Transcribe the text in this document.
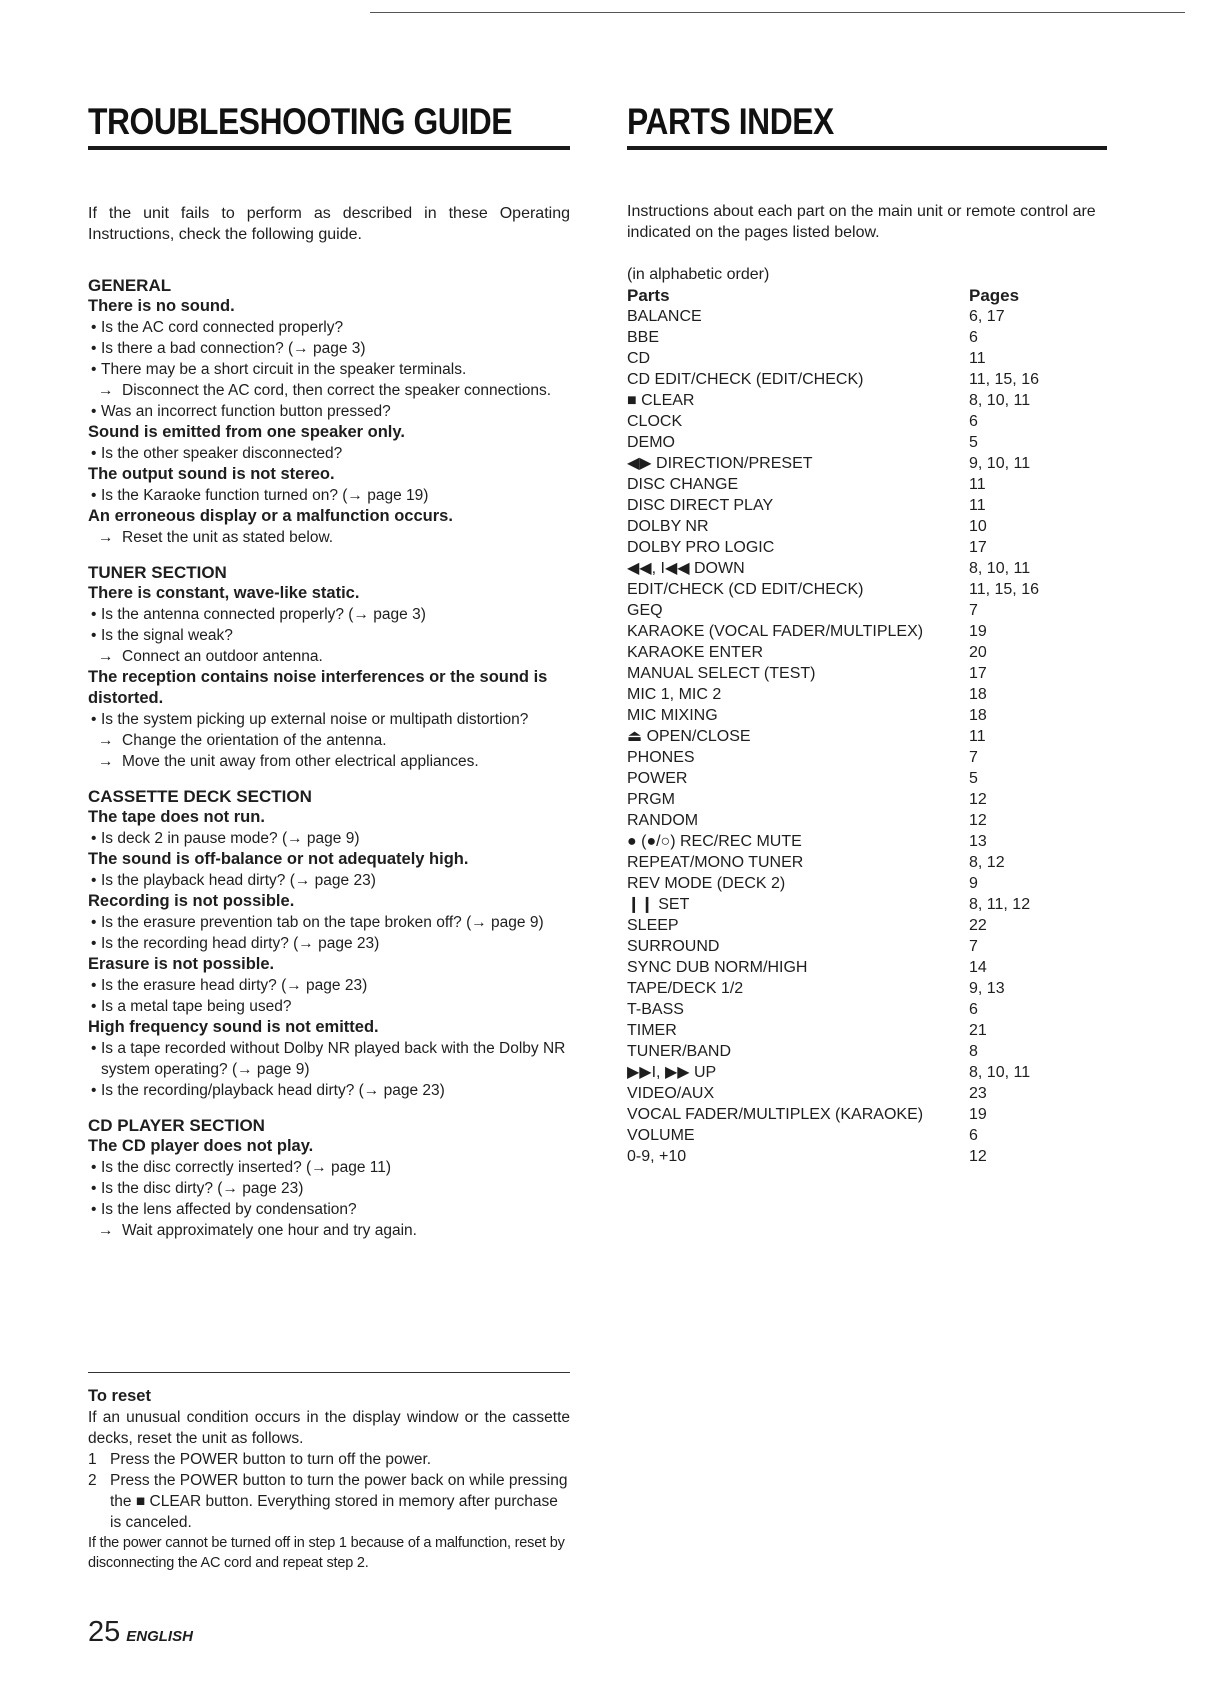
TROUBLESHOOTING GUIDE
If the unit fails to perform as described in these Operating Instructions, check the following guide.
GENERAL
There is no sound.
• Is the AC cord connected properly?
• Is there a bad connection? (→ page 3)
• There may be a short circuit in the speaker terminals.
→ Disconnect the AC cord, then correct the speaker connections.
• Was an incorrect function button pressed?
Sound is emitted from one speaker only.
• Is the other speaker disconnected?
The output sound is not stereo.
• Is the Karaoke function turned on? (→ page 19)
An erroneous display or a malfunction occurs.
→ Reset the unit as stated below.
TUNER SECTION
There is constant, wave-like static.
• Is the antenna connected properly? (→ page 3)
• Is the signal weak?
→ Connect an outdoor antenna.
The reception contains noise interferences or the sound is distorted.
• Is the system picking up external noise or multipath distortion?
→ Change the orientation of the antenna.
→ Move the unit away from other electrical appliances.
CASSETTE DECK SECTION
The tape does not run.
• Is deck 2 in pause mode? (→ page 9)
The sound is off-balance or not adequately high.
• Is the playback head dirty? (→ page 23)
Recording is not possible.
• Is the erasure prevention tab on the tape broken off? (→ page 9)
• Is the recording head dirty? (→ page 23)
Erasure is not possible.
• Is the erasure head dirty? (→ page 23)
• Is a metal tape being used?
High frequency sound is not emitted.
• Is a tape recorded without Dolby NR played back with the Dolby NR system operating? (→ page 9)
• Is the recording/playback head dirty? (→ page 23)
CD PLAYER SECTION
The CD player does not play.
• Is the disc correctly inserted? (→ page 11)
• Is the disc dirty? (→ page 23)
• Is the lens affected by condensation?
→ Wait approximately one hour and try again.
To reset
If an unusual condition occurs in the display window or the cassette decks, reset the unit as follows.
1 Press the POWER button to turn off the power.
2 Press the POWER button to turn the power back on while pressing the ■ CLEAR button. Everything stored in memory after purchase is canceled.
If the power cannot be turned off in step 1 because of a malfunction, reset by disconnecting the AC cord and repeat step 2.
PARTS INDEX
Instructions about each part on the main unit or remote control are indicated on the pages listed below.
(in alphabetic order)
Parts	Pages
BALANCE	6, 17
BBE	6
CD	11
CD EDIT/CHECK (EDIT/CHECK)	11, 15, 16
■ CLEAR	8, 10, 11
CLOCK	6
DEMO	5
◀▶ DIRECTION/PRESET	9, 10, 11
DISC CHANGE	11
DISC DIRECT PLAY	11
DOLBY NR	10
DOLBY PRO LOGIC	17
◀◀, I◀◀ DOWN	8, 10, 11
EDIT/CHECK (CD EDIT/CHECK)	11, 15, 16
GEQ	7
KARAOKE (VOCAL FADER/MULTIPLEX)	19
KARAOKE ENTER	20
MANUAL SELECT (TEST)	17
MIC 1, MIC 2	18
MIC MIXING	18
⏏ OPEN/CLOSE	11
PHONES	7
POWER	5
PRGM	12
RANDOM	12
● (●/○) REC/REC MUTE	13
REPEAT/MONO TUNER	8, 12
REV MODE (DECK 2)	9
❙❙ SET	8, 11, 12
SLEEP	22
SURROUND	7
SYNC DUB NORM/HIGH	14
TAPE/DECK 1/2	9, 13
T-BASS	6
TIMER	21
TUNER/BAND	8
▶▶I, ▶▶ UP	8, 10, 11
VIDEO/AUX	23
VOCAL FADER/MULTIPLEX (KARAOKE)	19
VOLUME	6
0-9, +10	12
25 ENGLISH
